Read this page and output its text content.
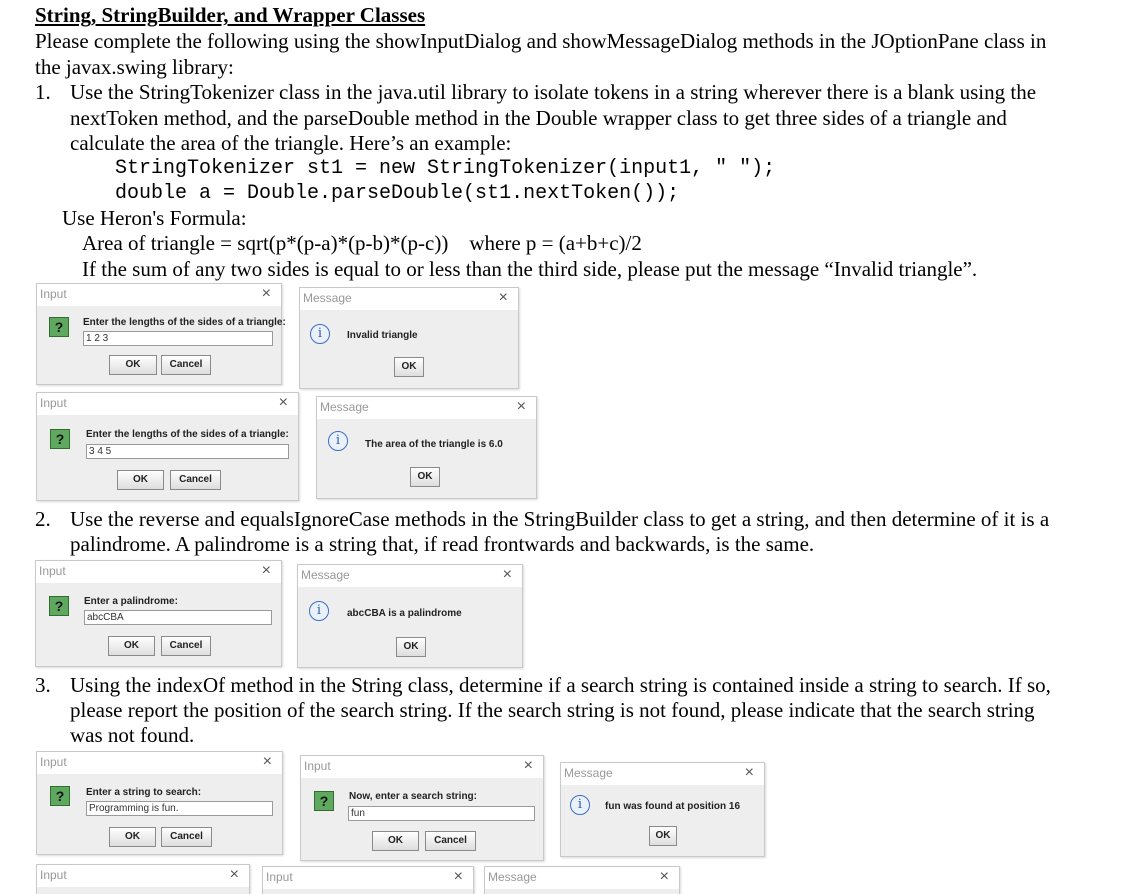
String, StringBuilder, and Wrapper Classes
Please complete the following using the showInputDialog and showMessageDialog methods in the JOptionPane class in
the javax.swing library:
1. Use the StringTokenizer class in the java.util library to isolate tokens in a string wherever there is a blank using the
nextToken method, and the parseDouble method in the Double wrapper class to get three sides of a triangle and
calculate the area of the triangle. Here’s an example:
StringTokenizer st1 = new StringTokenizer(input1, " ");
double a = Double.parseDouble(st1.nextToken());
Use Heron's Formula:
Area of triangle = sqrt(p*(p-a)*(p-b)*(p-c))    where p = (a+b+c)/2
If the sum of any two sides is equal to or less than the third side, please put the message “Invalid triangle”.
2. Use the reverse and equalsIgnoreCase methods in the StringBuilder class to get a string, and then determine of it is a
palindrome. A palindrome is a string that, if read frontwards and backwards, is the same.
3. Using the indexOf method in the String class, determine if a search string is contained inside a string to search. If so,
please report the position of the search string. If the search string is not found, please indicate that the search string
was not found.
Input	×
?	Enter the lengths of the sides of a triangle:
1 2 3
OK	Cancel
Message	×
i	Invalid triangle
OK
Input	×
?	Enter the lengths of the sides of a triangle:
3 4 5
OK	Cancel
Message	×
i	The area of the triangle is 6.0
OK
Input	×
?	Enter a palindrome:
abcCBA
OK	Cancel
Message	×
i	abcCBA is a palindrome
OK
Input	×
?	Enter a string to search:
Programming is fun.
OK	Cancel
Input	×
?	Now, enter a search string:
fun
OK	Cancel
Message	×
i	fun was found at position 16
OK
Input	× Input	× Message	×
